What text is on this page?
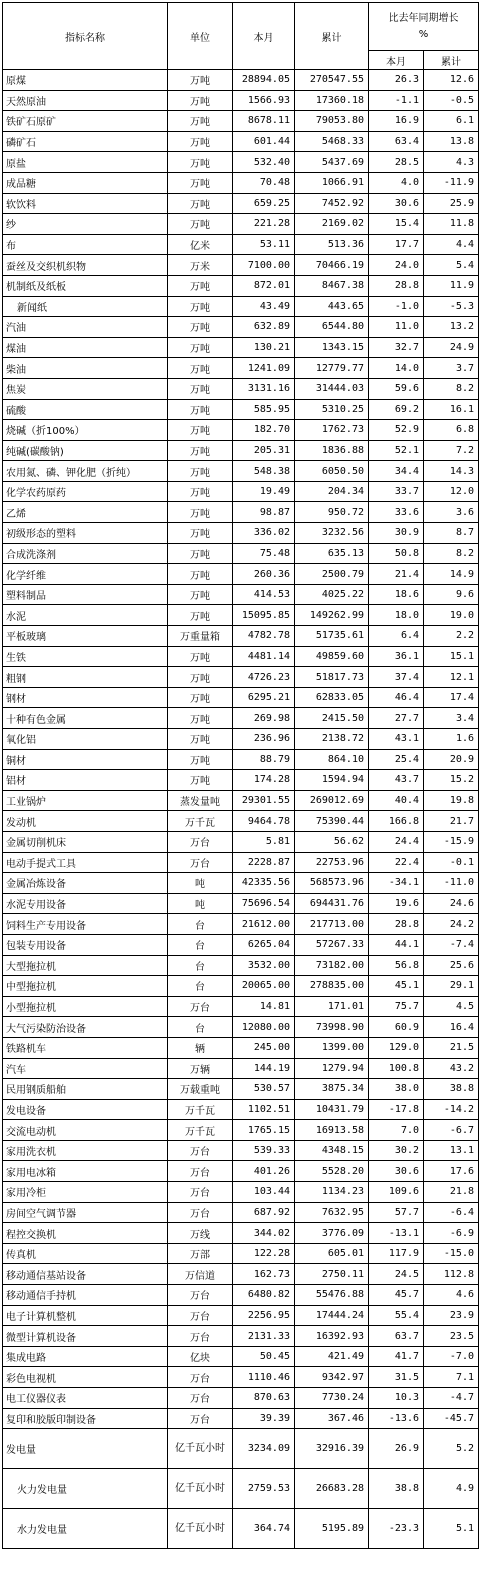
指标名称	单位	本月	累计	比去年同期增长
%	

				本月	累计
原煤	万吨	28894.05	270547.55	26.3	12.6
天然原油	万吨	1566.93	17360.18	-1.1	-0.5
铁矿石原矿	万吨	8678.11	79053.80	16.9	6.1
磷矿石	万吨	601.44	5468.33	63.4	13.8
原盐	万吨	532.40	5437.69	28.5	4.3
成品糖	万吨	70.48	1066.91	4.0	-11.9
软饮料	万吨	659.25	7452.92	30.6	25.9
纱	万吨	221.28	2169.02	15.4	11.8
布	亿米	53.11	513.36	17.7	4.4
蚕丝及交织机织物	万米	7100.00	70466.19	24.0	5.4
机制纸及纸板	万吨	872.01	8467.38	28.8	11.9
新闻纸	万吨	43.49	443.65	-1.0	-5.3
汽油	万吨	632.89	6544.80	11.0	13.2
煤油	万吨	130.21	1343.15	32.7	24.9
柴油	万吨	1241.09	12779.77	14.0	3.7
焦炭	万吨	3131.16	31444.03	59.6	8.2
硫酸	万吨	585.95	5310.25	69.2	16.1
烧碱（折100%）	万吨	182.70	1762.73	52.9	6.8
纯碱(碳酸钠)	万吨	205.31	1836.88	52.1	7.2
农用氮、磷、钾化肥（折纯）	万吨	548.38	6050.50	34.4	14.3
化学农药原药	万吨	19.49	204.34	33.7	12.0
乙烯	万吨	98.87	950.72	33.6	3.6
初级形态的塑料	万吨	336.02	3232.56	30.9	8.7
合成洗涤剂	万吨	75.48	635.13	50.8	8.2
化学纤维	万吨	260.36	2500.79	21.4	14.9
塑料制品	万吨	414.53	4025.22	18.6	9.6
水泥	万吨	15095.85	149262.99	18.0	19.0
平板玻璃	万重量箱	4782.78	51735.61	6.4	2.2
生铁	万吨	4481.14	49859.60	36.1	15.1
粗钢	万吨	4726.23	51817.73	37.4	12.1
钢材	万吨	6295.21	62833.05	46.4	17.4
十种有色金属	万吨	269.98	2415.50	27.7	3.4
氧化铝	万吨	236.96	2138.72	43.1	1.6
铜材	万吨	88.79	864.10	25.4	20.9
铝材	万吨	174.28	1594.94	43.7	15.2
工业锅炉	蒸发量吨	29301.55	269012.69	40.4	19.8
发动机	万千瓦	9464.78	75390.44	166.8	21.7
金属切削机床	万台	5.81	56.62	24.4	-15.9
电动手提式工具	万台	2228.87	22753.96	22.4	-0.1
金属冶炼设备	吨	42335.56	568573.96	-34.1	-11.0
水泥专用设备	吨	75696.54	694431.76	19.6	24.6
饲料生产专用设备	台	21612.00	217713.00	28.8	24.2
包装专用设备	台	6265.04	57267.33	44.1	-7.4
大型拖拉机	台	3532.00	73182.00	56.8	25.6
中型拖拉机	台	20065.00	278835.00	45.1	29.1
小型拖拉机	万台	14.81	171.01	75.7	4.5
大气污染防治设备	台	12080.00	73998.90	60.9	16.4
铁路机车	辆	245.00	1399.00	129.0	21.5
汽车	万辆	144.19	1279.94	100.8	43.2
民用钢质船舶	万载重吨	530.57	3875.34	38.0	38.8
发电设备	万千瓦	1102.51	10431.79	-17.8	-14.2
交流电动机	万千瓦	1765.15	16913.58	7.0	-6.7
家用洗衣机	万台	539.33	4348.15	30.2	13.1
家用电冰箱	万台	401.26	5528.20	30.6	17.6
家用冷柜	万台	103.44	1134.23	109.6	21.8
房间空气调节器	万台	687.92	7632.95	57.7	-6.4
程控交换机	万线	344.02	3776.09	-13.1	-6.9
传真机	万部	122.28	605.01	117.9	-15.0
移动通信基站设备	万信道	162.73	2750.11	24.5	112.8
移动通信手持机	万台	6480.82	55476.88	45.7	4.6
电子计算机整机	万台	2256.95	17444.24	55.4	23.9
微型计算机设备	万台	2131.33	16392.93	63.7	23.5
集成电路	亿块	50.45	421.49	41.7	-7.0
彩色电视机	万台	1110.46	9342.97	31.5	7.1
电工仪器仪表	万台	870.63	7730.24	10.3	-4.7
复印和胶版印制设备	万台	39.39	367.46	-13.6	-45.7
发电量	亿千瓦小时	3234.09	32916.39	26.9	5.2
火力发电量	亿千瓦小时	2759.53	26683.28	38.8	4.9
水力发电量	亿千瓦小时	364.74	5195.89	-23.3	5.1
